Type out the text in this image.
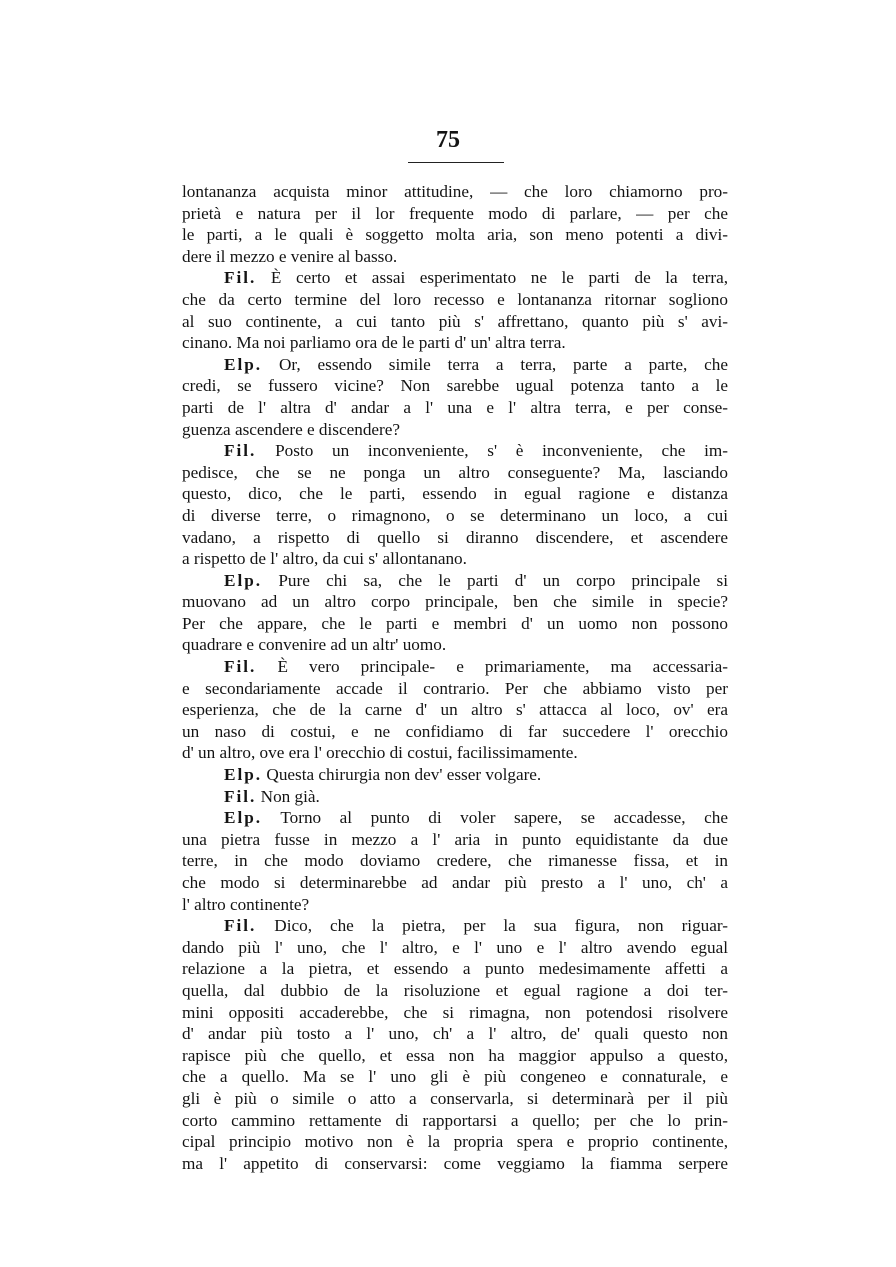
75
lontananza acquista minor attitudine, — che loro chiamorno pro-
prietà e natura per il lor frequente modo di parlare, — per che
le parti, a le quali è soggetto molta aria, son meno potenti a divi-
dere il mezzo e venire al basso.
Fil. È certo et assai esperimentato ne le parti de la terra,
che da certo termine del loro recesso e lontananza ritornar sogliono
al suo continente, a cui tanto più s' affrettano, quanto più s' avi-
cinano. Ma noi parliamo ora de le parti d' un' altra terra.
Elp. Or, essendo simile terra a terra, parte a parte, che
credi, se fussero vicine? Non sarebbe ugual potenza tanto a le
parti de l' altra d' andar a l' una e l' altra terra, e per conse-
guenza ascendere e discendere?
Fil. Posto un inconveniente, s' è inconveniente, che im-
pedisce, che se ne ponga un altro conseguente? Ma, lasciando
questo, dico, che le parti, essendo in egual ragione e distanza
di diverse terre, o rimagnono, o se determinano un loco, a cui
vadano, a rispetto di quello si diranno discendere, et ascendere
a rispetto de l' altro, da cui s' allontanano.
Elp. Pure chi sa, che le parti d' un corpo principale si
muovano ad un altro corpo principale, ben che simile in specie?
Per che appare, che le parti e membri d' un uomo non possono
quadrare e convenire ad un altr' uomo.
Fil. È vero principale- e primariamente, ma accessaria-
e secondariamente accade il contrario. Per che abbiamo visto per
esperienza, che de la carne d' un altro s' attacca al loco, ov' era
un naso di costui, e ne confidiamo di far succedere l' orecchio
d' un altro, ove era l' orecchio di costui, facilissimamente.
Elp. Questa chirurgia non dev' esser volgare.
Fil. Non già.
Elp. Torno al punto di voler sapere, se accadesse, che
una pietra fusse in mezzo a l' aria in punto equidistante da due
terre, in che modo doviamo credere, che rimanesse fissa, et in
che modo si determinarebbe ad andar più presto a l' uno, ch' a
l' altro continente?
Fil. Dico, che la pietra, per la sua figura, non riguar-
dando più l' uno, che l' altro, e l' uno e l' altro avendo egual
relazione a la pietra, et essendo a punto medesimamente affetti a
quella, dal dubbio de la risoluzione et egual ragione a doi ter-
mini oppositi accaderebbe, che si rimagna, non potendosi risolvere
d' andar più tosto a l' uno, ch' a l' altro, de' quali questo non
rapisce più che quello, et essa non ha maggior appulso a questo,
che a quello. Ma se l' uno gli è più congeneo e connaturale, e
gli è più o simile o atto a conservarla, si determinarà per il più
corto cammino rettamente di rapportarsi a quello; per che lo prin-
cipal principio motivo non è la propria spera e proprio continente,
ma l' appetito di conservarsi: come veggiamo la fiamma serpere
